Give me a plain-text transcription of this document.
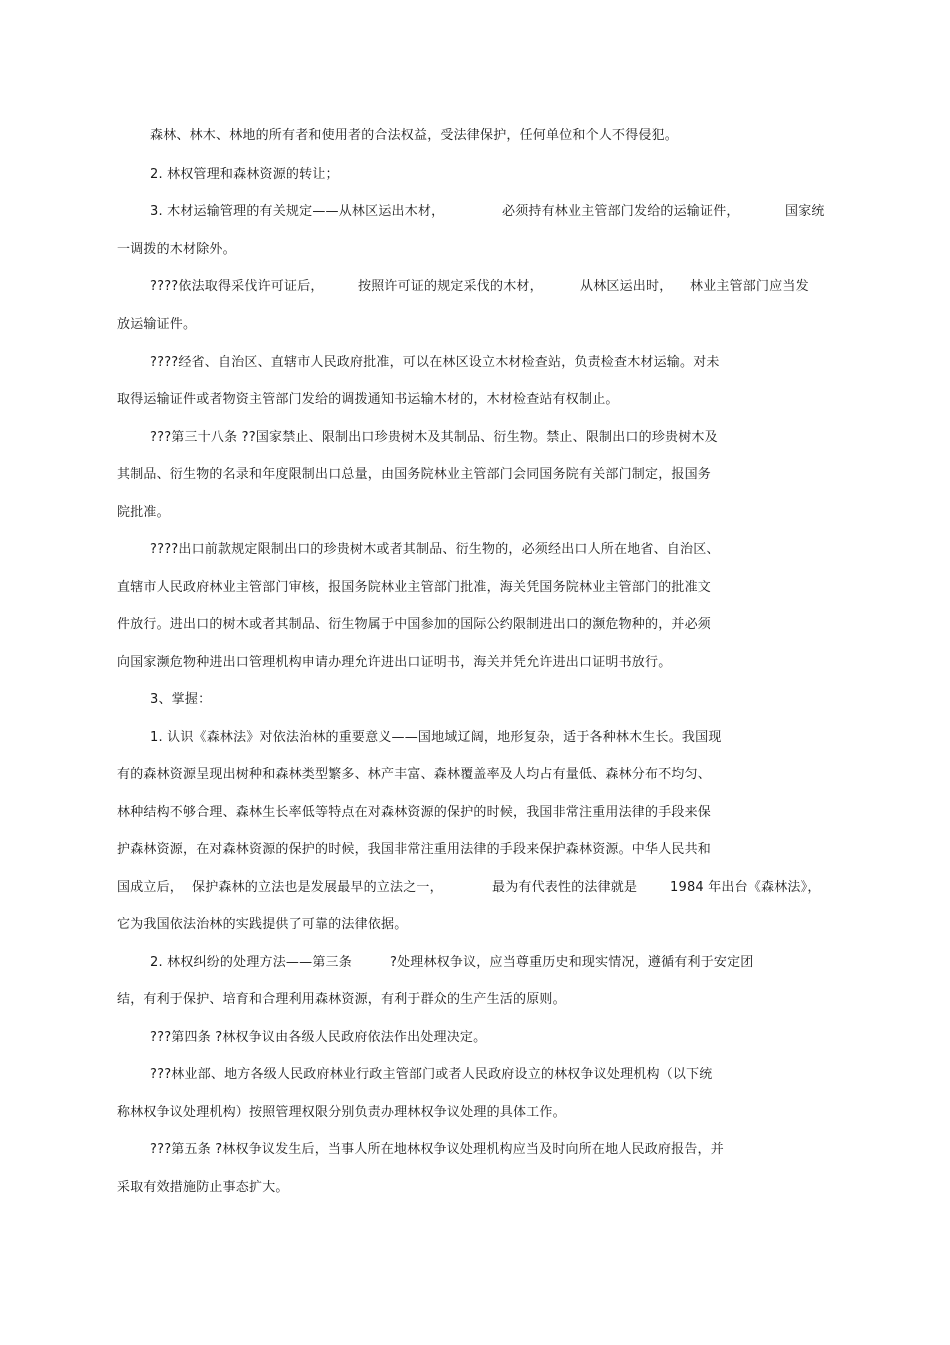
森林、林木、林地的所有者和使用者的合法权益，受法律保护，任何单位和个人不得侵犯。
2. 林权管理和森林资源的转让；
3. 木材运输管理的有关规定——从林区运出木材，	必须持有林业主管部门发给的运输证件，	国家统
一调拨的木材除外。
????依法取得采伐许可证后，	按照许可证的规定采伐的木材，	从林区运出时， 林业主管部门应当发
放运输证件。
????经省、自治区、直辖市人民政府批准，可以在林区设立木材检查站，负责检查木材运输。对未
取得运输证件或者物资主管部门发给的调拨通知书运输木材的，木材检查站有权制止。
???第三十八条 ??国家禁止、限制出口珍贵树木及其制品、衍生物。禁止、限制出口的珍贵树木及
其制品、衍生物的名录和年度限制出口总量，由国务院林业主管部门会同国务院有关部门制定，报国务
院批准。
????出口前款规定限制出口的珍贵树木或者其制品、衍生物的，必须经出口人所在地省、自治区、
直辖市人民政府林业主管部门审核，报国务院林业主管部门批准，海关凭国务院林业主管部门的批准文
件放行。进出口的树木或者其制品、衍生物属于中国参加的国际公约限制进出口的濒危物种的，并必须
向国家濒危物种进出口管理机构申请办理允许进出口证明书，海关并凭允许进出口证明书放行。
3、掌握：
1. 认识《森林法》对依法治林的重要意义——国地域辽阔，地形复杂，适于各种林木生长。我国现
有的森林资源呈现出树种和森林类型繁多、林产丰富、森林覆盖率及人均占有量低、森林分布不均匀、
林种结构不够合理、森林生长率低等特点在对森林资源的保护的时候，我国非常注重用法律的手段来保
护森林资源，在对森林资源的保护的时候，我国非常注重用法律的手段来保护森林资源。中华人民共和
国成立后， 保护森林的立法也是发展最早的立法之一，	最为有代表性的法律就是	1984 年出台《森林法》，
它为我国依法治林的实践提供了可靠的法律依据。
2. 林权纠纷的处理方法——第三条	?处理林权争议，应当尊重历史和现实情况，遵循有利于安定团
结，有利于保护、培育和合理利用森林资源，有利于群众的生产生活的原则。
???第四条 ?林权争议由各级人民政府依法作出处理决定。
???林业部、地方各级人民政府林业行政主管部门或者人民政府设立的林权争议处理机构（以下统
称林权争议处理机构）按照管理权限分别负责办理林权争议处理的具体工作。
???第五条 ?林权争议发生后，当事人所在地林权争议处理机构应当及时向所在地人民政府报告，并
采取有效措施防止事态扩大。
